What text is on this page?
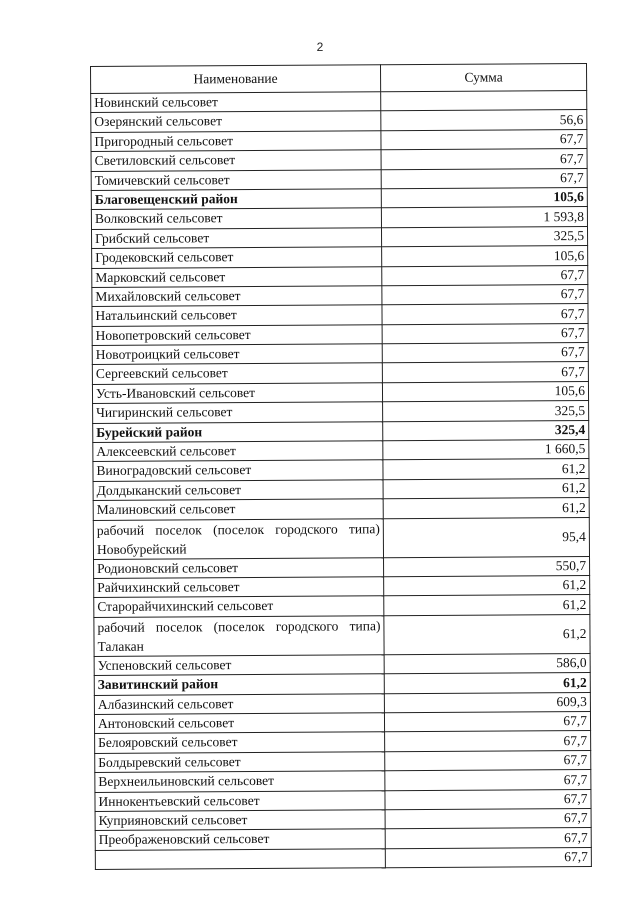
2
Наименование	Сумма
Новинский сельсовет	
Озерянский сельсовет	56,6
Пригородный сельсовет	67,7
Светиловский сельсовет	67,7
Томичевский сельсовет	67,7
Благовещенский район	105,6
Волковский сельсовет	1 593,8
Грибский сельсовет	325,5
Гродековский сельсовет	105,6
Марковский сельсовет	67,7
Михайловский сельсовет	67,7
Натальинский сельсовет	67,7
Новопетровский сельсовет	67,7
Новотроицкий сельсовет	67,7
Сергеевский сельсовет	67,7
Усть-Ивановский сельсовет	105,6
Чигиринский сельсовет	325,5
Бурейский район	325,4
Алексеевский сельсовет	1 660,5
Виноградовский сельсовет	61,2
Долдыканский сельсовет	61,2
Малиновский сельсовет	61,2
рабочий поселок (поселок городского типа) Новобурейский	95,4
Родионовский сельсовет	550,7
Райчихинский сельсовет	61,2
Старорайчихинский сельсовет	61,2
рабочий поселок (поселок городского типа) Талакан	61,2
Успеновский сельсовет	586,0
Завитинский район	61,2
Албазинский сельсовет	609,3
Антоновский сельсовет	67,7
Белояровский сельсовет	67,7
Болдыревский сельсовет	67,7
Верхнеильиновский сельсовет	67,7
Иннокентьевский сельсовет	67,7
Куприяновский сельсовет	67,7
Преображеновский сельсовет	67,7
	67,7
